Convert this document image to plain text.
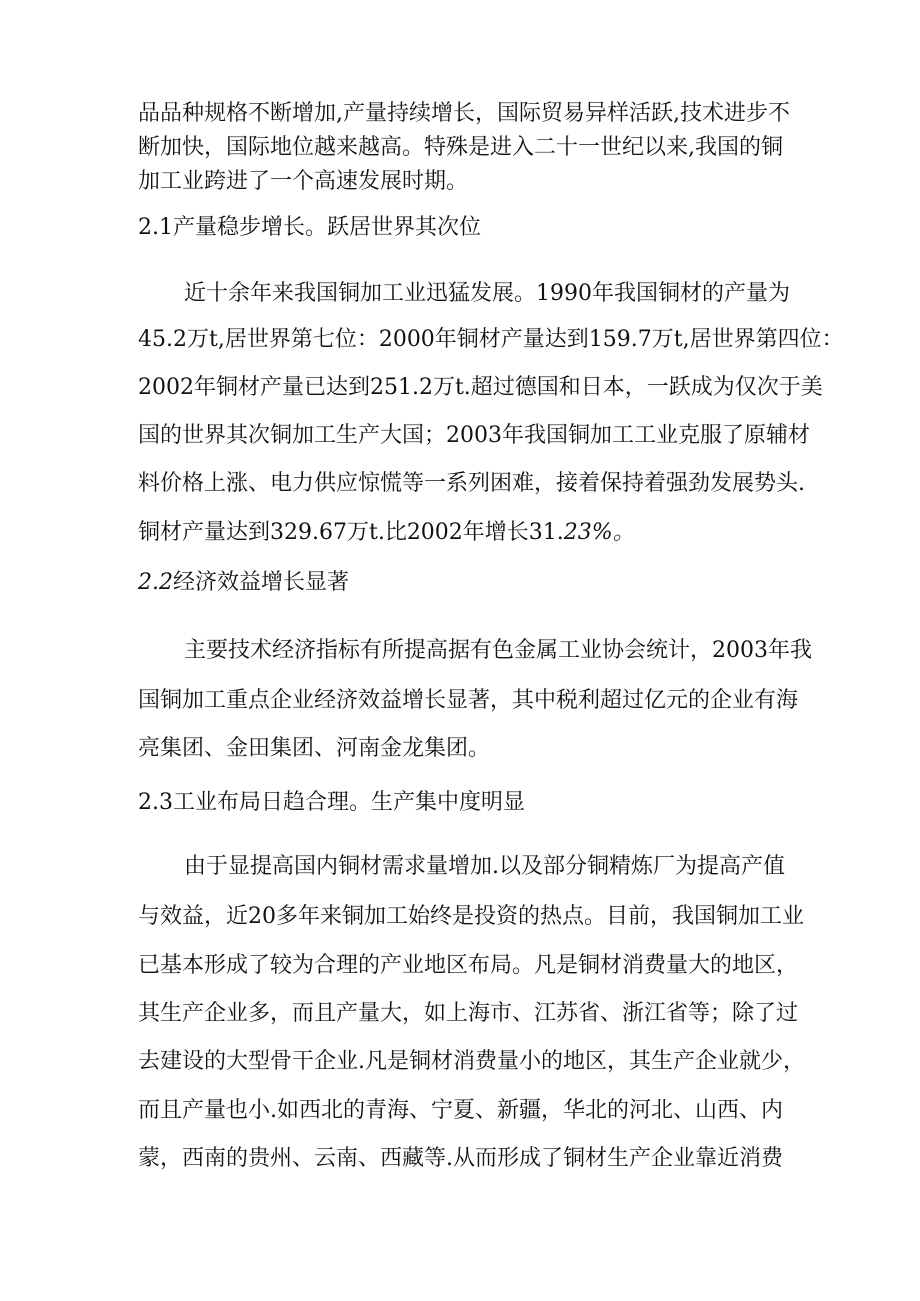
品品种规格不断增加,产量持续增长，国际贸易异样活跃,技术进步不
断加快，国际地位越来越高。特殊是进入二十一世纪以来,我国的铜
加工业跨进了一个高速发展时期。
2.1产量稳步增长。跃居世界其次位
近十余年来我国铜加工业迅猛发展。1990年我国铜材的产量为
45.2万t,居世界第七位：2000年铜材产量达到159.7万t,居世界第四位：
2002年铜材产量已达到251.2万t.超过德国和日本，一跃成为仅次于美
国的世界其次铜加工生产大国；2003年我国铜加工工业克服了原辅材
料价格上涨、电力供应惊慌等一系列困难，接着保持着强劲发展势头.
铜材产量达到329.67万t.比2002年增长31.23%。
2.2经济效益增长显著
主要技术经济指标有所提高据有色金属工业协会统计，2003年我
国铜加工重点企业经济效益增长显著，其中税利超过亿元的企业有海
亮集团、金田集团、河南金龙集团。
2.3工业布局日趋合理。生产集中度明显
由于显提高国内铜材需求量增加.以及部分铜精炼厂为提高产值
与效益，近20多年来铜加工始终是投资的热点。目前，我国铜加工业
已基本形成了较为合理的产业地区布局。凡是铜材消费量大的地区，
其生产企业多，而且产量大，如上海市、江苏省、浙江省等；除了过
去建设的大型骨干企业.凡是铜材消费量小的地区，其生产企业就少，
而且产量也小.如西北的青海、宁夏、新疆，华北的河北、山西、内
蒙，西南的贵州、云南、西藏等.从而形成了铜材生产企业靠近消费
